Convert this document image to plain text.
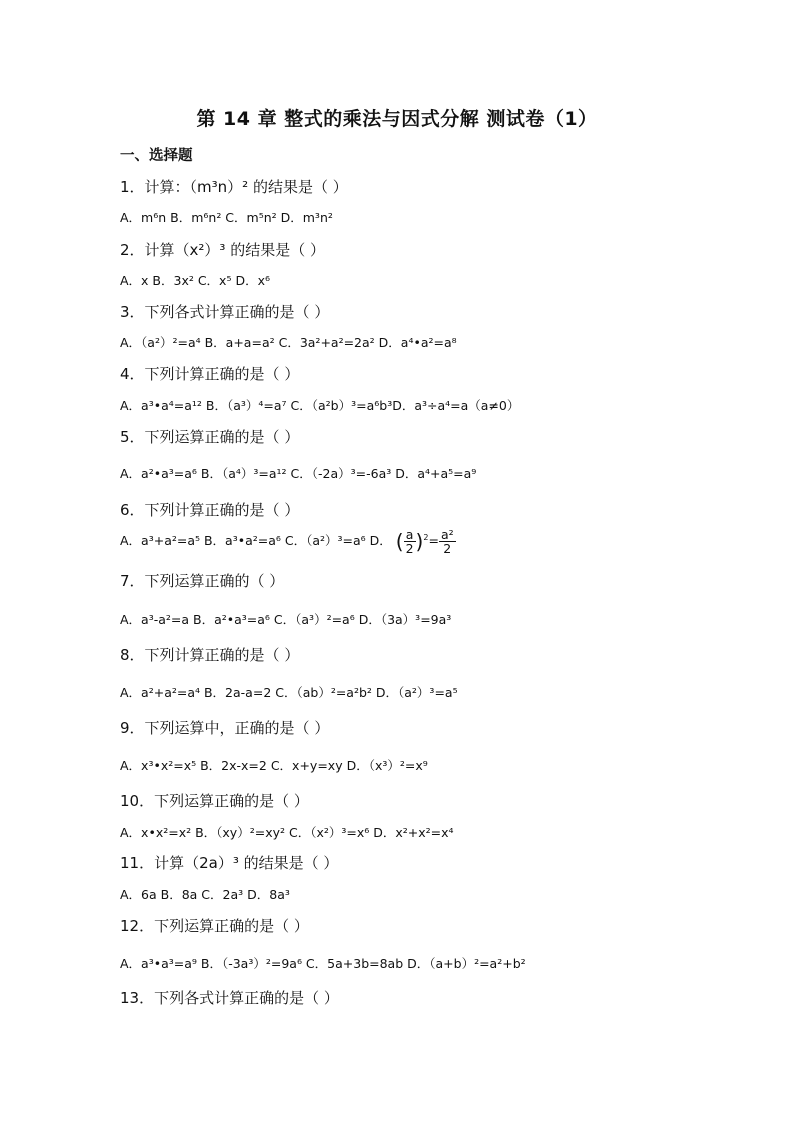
第 14 章 整式的乘法与因式分解 测试卷（1）
一、选择题
1．计算：（m³n）² 的结果是（ ）
A．m⁶n B．m⁶n² C．m⁵n² D．m³n²
2．计算（x²）³ 的结果是（ ）
A．x B．3x² C．x⁵ D．x⁶
3．下列各式计算正确的是（ ）
A．（a²）²=a⁴ B．a+a=a² C．3a²+a²=2a² D．a⁴•a²=a⁸
4．下列计算正确的是（ ）
A．a³•a⁴=a¹² B．（a³）⁴=a⁷ C．（a²b）³=a⁶b³D．a³÷a⁴=a（a≠0）
5．下列运算正确的是（ ）
A．a²•a³=a⁶ B．（a⁴）³=a¹² C．（-2a）³=-6a³ D．a⁴+a⁵=a⁹
6．下列计算正确的是（ ）
A．a³+a²=a⁵ B．a³•a²=a⁶ C．（a²）³=a⁶ D． ( $\frac{a}{2} )^2= \frac{\text{a²}}{2}$
7．下列运算正确的（ ）
A．a³-a²=a B．a²•a³=a⁶ C．（a³）²=a⁶ D．（3a）³=9a³
8．下列计算正确的是（ ）
A．a²+a²=a⁴ B．2a-a=2 C．（ab）²=a²b² D．（a²）³=a⁵
9．下列运算中，正确的是（ ）
A．x³•x²=x⁵ B．2x-x=2 C．x+y=xy D．（x³）²=x⁹
10．下列运算正确的是（ ）
A．x•x²=x² B．（xy）²=xy² C．（x²）³=x⁶ D．x²+x²=x⁴
11．计算（2a）³ 的结果是（ ）
A．6a B．8a C．2a³ D．8a³
12．下列运算正确的是（ ）
A．a³•a³=a⁹ B．（-3a³）²=9a⁶ C．5a+3b=8ab D．（a+b）²=a²+b²
13．下列各式计算正确的是（ ）
